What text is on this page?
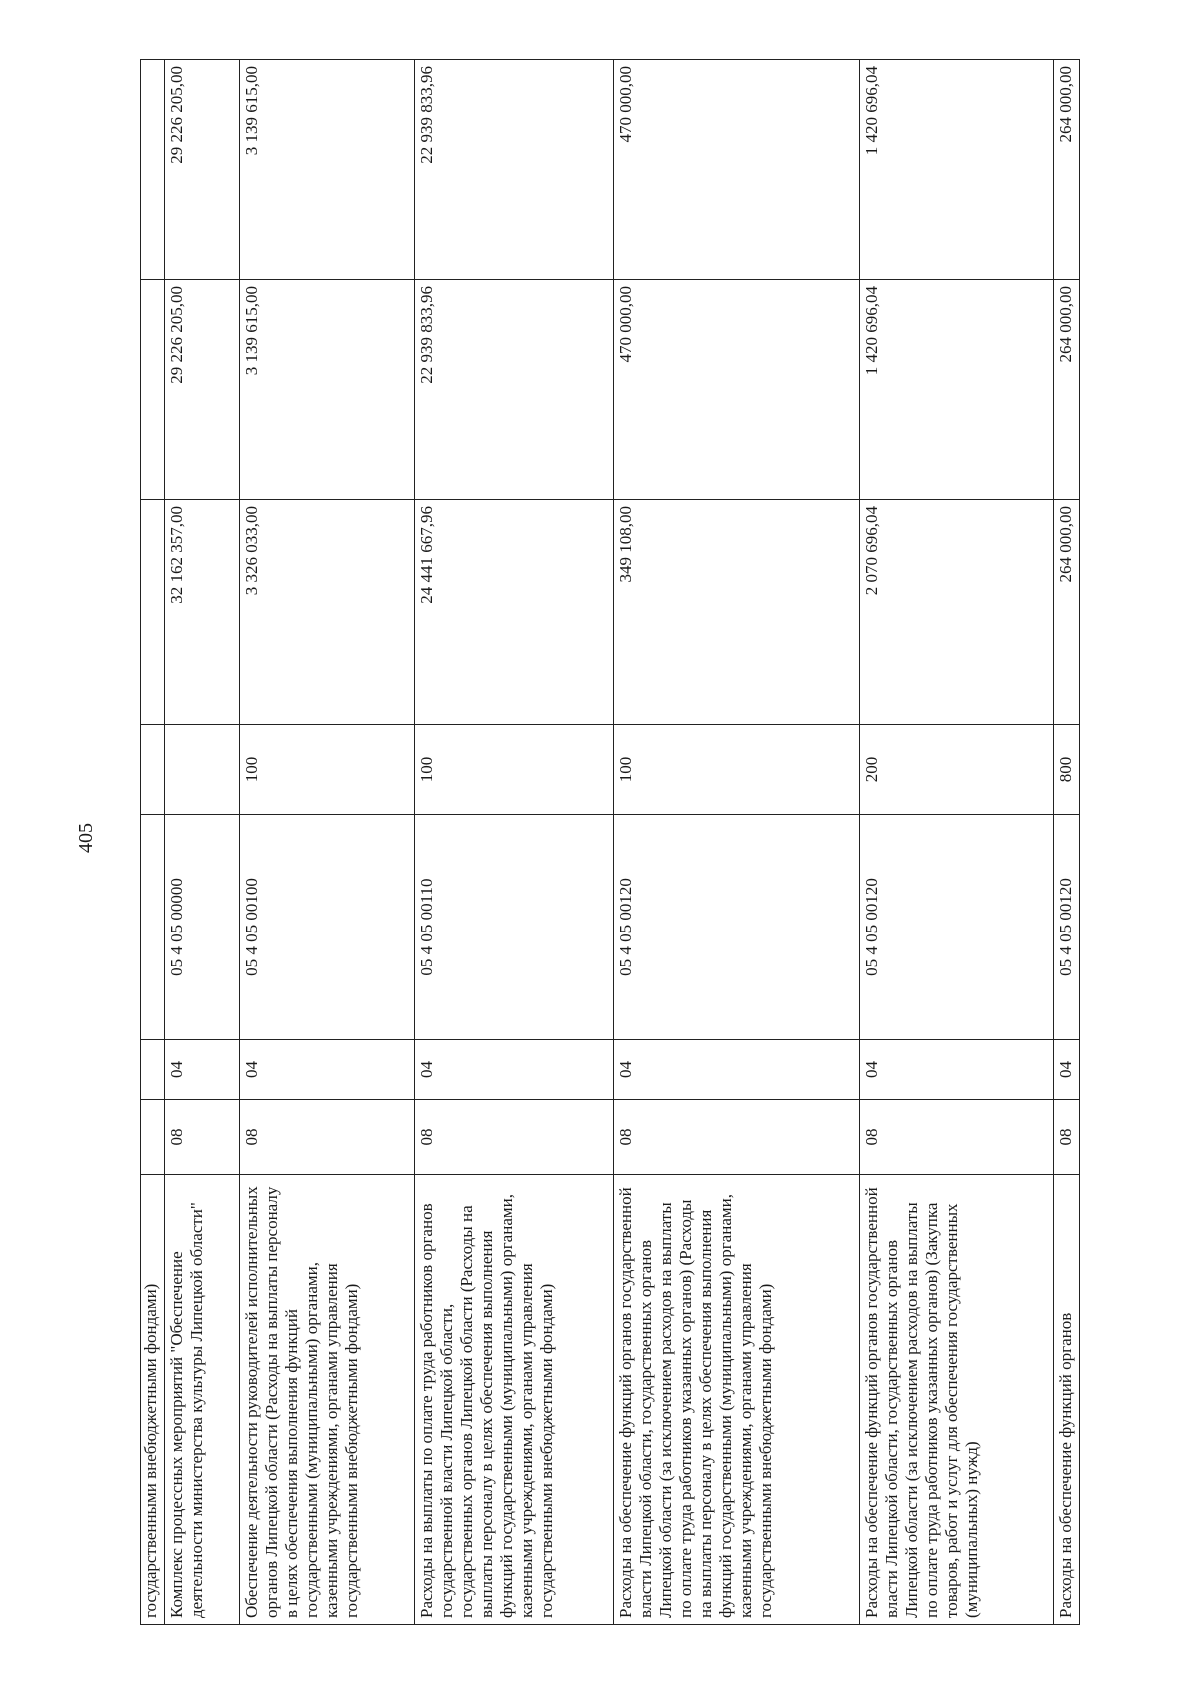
405
государственными внебюджетными фондами)							
Комплекс процессных мероприятий "Обеспечение деятельности министерства культуры Липецкой области"	08	04	05 4 05 00000		32 162 357,00	29 226 205,00	29 226 205,00
Обеспечение деятельности руководителей исполнительных органов Липецкой области (Расходы на выплаты персоналу в целях обеспечения выполнения функций государственными (муниципальными) органами, казенными учреждениями, органами управления государственными внебюджетными фондами)	08	04	05 4 05 00100	100	3 326 033,00	3 139 615,00	3 139 615,00
Расходы на выплаты по оплате труда работников органов государственной власти Липецкой области, государственных органов Липецкой области (Расходы на выплаты персоналу в целях обеспечения выполнения функций государственными (муниципальными) органами, казенными учреждениями, органами управления государственными внебюджетными фондами)	08	04	05 4 05 00110	100	24 441 667,96	22 939 833,96	22 939 833,96
Расходы на обеспечение функций органов государственной власти Липецкой области, государственных органов Липецкой области (за исключением расходов на выплаты по оплате труда работников указанных органов) (Расходы на выплаты персоналу в целях обеспечения выполнения функций государственными (муниципальными) органами, казенными учреждениями, органами управления государственными внебюджетными фондами)	08	04	05 4 05 00120	100	349 108,00	470 000,00	470 000,00
Расходы на обеспечение функций органов государственной власти Липецкой области, государственных органов Липецкой области (за исключением расходов на выплаты по оплате труда работников указанных органов) (Закупка товаров, работ и услуг для обеспечения государственных (муниципальных) нужд)	08	04	05 4 05 00120	200	2 070 696,04	1 420 696,04	1 420 696,04
Расходы на обеспечение функций органов	08	04	05 4 05 00120	800	264 000,00	264 000,00	264 000,00
